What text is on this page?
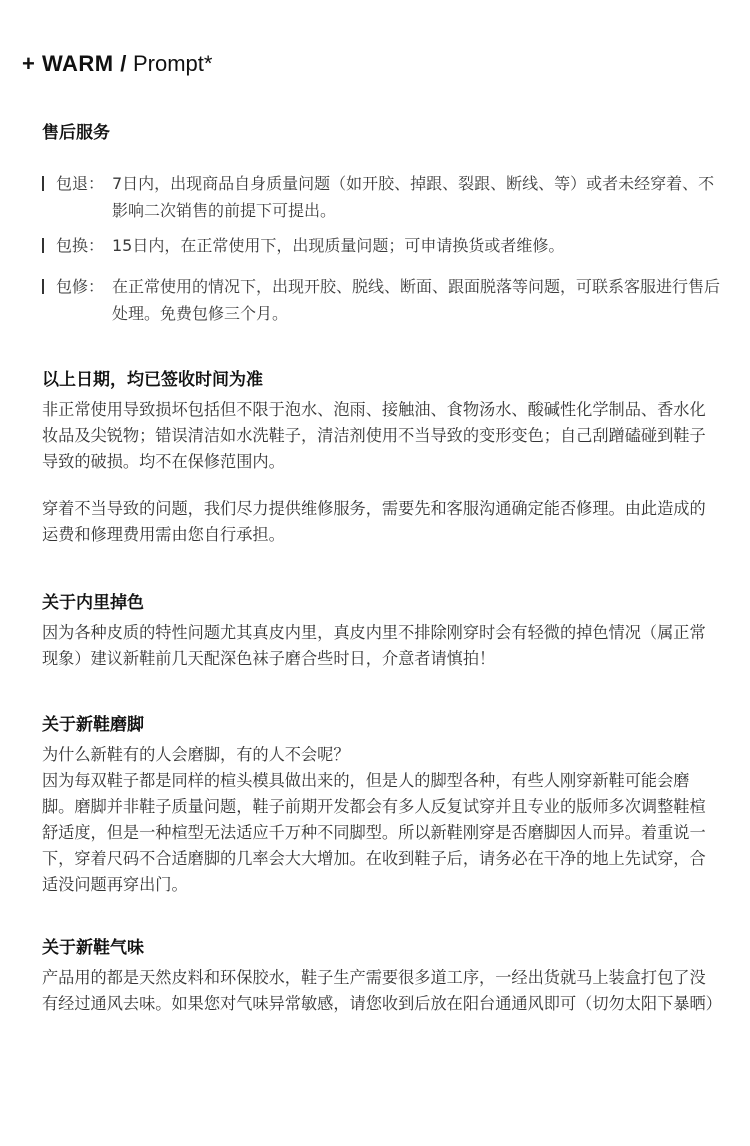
+ WARM / Prompt*
售后服务
包退： 7日内，出现商品自身质量问题（如开胶、掉跟、裂跟、断线、等）或者未经穿着、不影响二次销售的前提下可提出。
包换： 15日内，在正常使用下，出现质量问题；可申请换货或者维修。
包修： 在正常使用的情况下，出现开胶、脱线、断面、跟面脱落等问题，可联系客服进行售后处理。免费包修三个月。
以上日期，均已签收时间为准
非正常使用导致损坏包括但不限于泡水、泡雨、接触油、食物汤水、酸碱性化学制品、香水化妆品及尖锐物；错误清洁如水洗鞋子，清洁剂使用不当导致的变形变色；自己刮蹭磕碰到鞋子导致的破损。均不在保修范围内。
穿着不当导致的问题，我们尽力提供维修服务，需要先和客服沟通确定能否修理。由此造成的运费和修理费用需由您自行承担。
关于内里掉色
因为各种皮质的特性问题尤其真皮内里，真皮内里不排除刚穿时会有轻微的掉色情况（属正常现象）建议新鞋前几天配深色袜子磨合些时日，介意者请慎拍！
关于新鞋磨脚
为什么新鞋有的人会磨脚，有的人不会呢？
因为每双鞋子都是同样的楦头模具做出来的，但是人的脚型各种，有些人刚穿新鞋可能会磨脚。磨脚并非鞋子质量问题，鞋子前期开发都会有多人反复试穿并且专业的版师多次调整鞋楦舒适度，但是一种楦型无法适应千万种不同脚型。所以新鞋刚穿是否磨脚因人而异。着重说一下，穿着尺码不合适磨脚的几率会大大增加。在收到鞋子后，请务必在干净的地上先试穿，合适没问题再穿出门。
关于新鞋气味
产品用的都是天然皮料和环保胶水，鞋子生产需要很多道工序，一经出货就马上装盒打包了没有经过通风去味。如果您对气味异常敏感，请您收到后放在阳台通通风即可（切勿太阳下暴晒）
